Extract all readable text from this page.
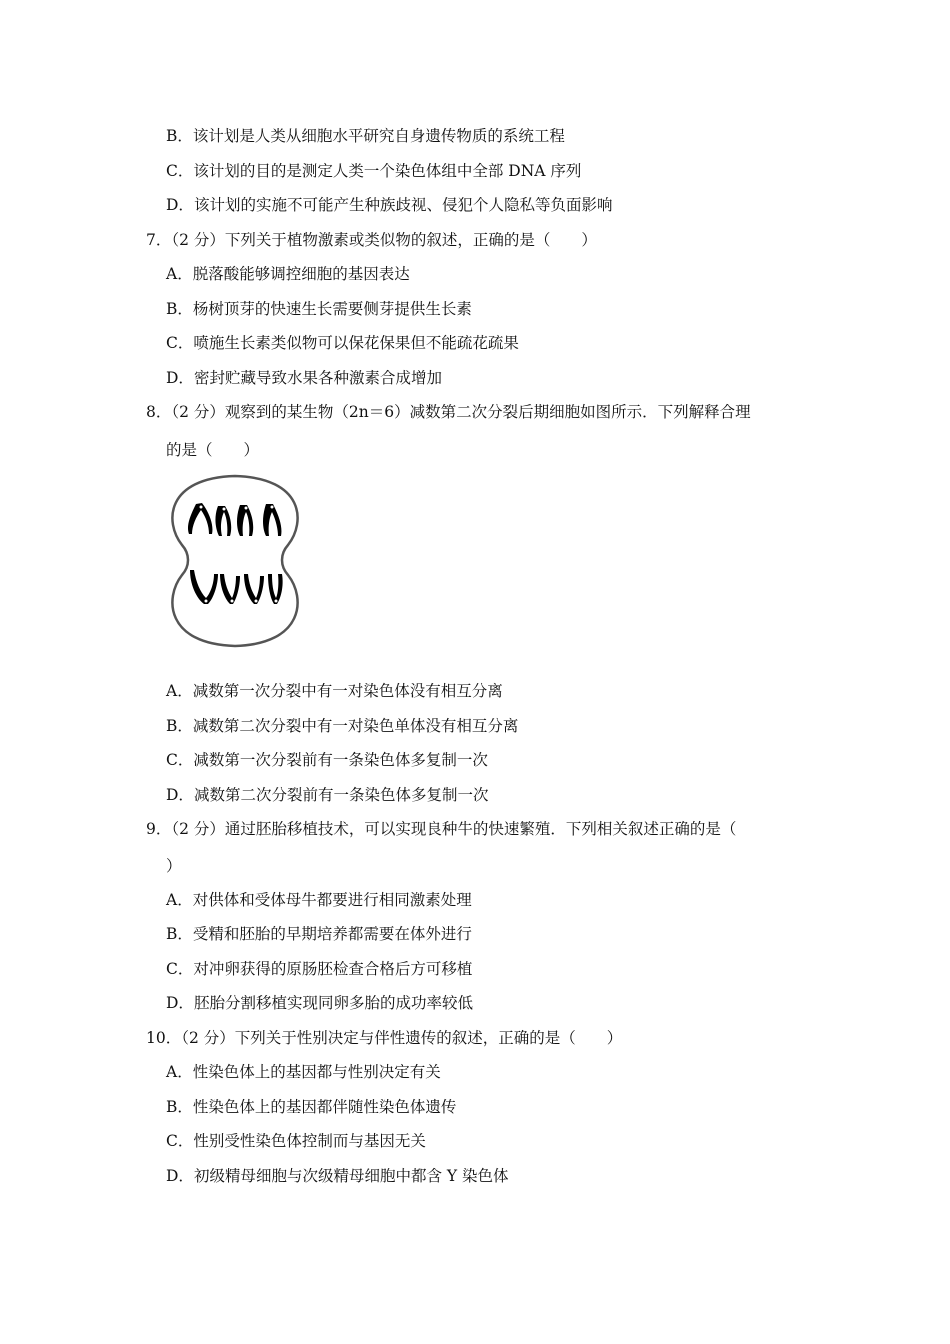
B．该计划是人类从细胞水平研究自身遗传物质的系统工程
C．该计划的目的是测定人类一个染色体组中全部 DNA 序列
D．该计划的实施不可能产生种族歧视、侵犯个人隐私等负面影响
7．（2 分）下列关于植物激素或类似物的叙述，正确的是（　　）
A．脱落酸能够调控细胞的基因表达
B．杨树顶芽的快速生长需要侧芽提供生长素
C．喷施生长素类似物可以保花保果但不能疏花疏果
D．密封贮藏导致水果各种激素合成增加
8．（2 分）观察到的某生物（2n＝6）减数第二次分裂后期细胞如图所示．下列解释合理
的是（　　）
A．减数第一次分裂中有一对染色体没有相互分离
B．减数第二次分裂中有一对染色单体没有相互分离
C．减数第一次分裂前有一条染色体多复制一次
D．减数第二次分裂前有一条染色体多复制一次
9．（2 分）通过胚胎移植技术，可以实现良种牛的快速繁殖．下列相关叙述正确的是（
）
A．对供体和受体母牛都要进行相同激素处理
B．受精和胚胎的早期培养都需要在体外进行
C．对冲卵获得的原肠胚检查合格后方可移植
D．胚胎分割移植实现同卵多胎的成功率较低
10．（2 分）下列关于性别决定与伴性遗传的叙述，正确的是（　　）
A．性染色体上的基因都与性别决定有关
B．性染色体上的基因都伴随性染色体遗传
C．性别受性染色体控制而与基因无关
D．初级精母细胞与次级精母细胞中都含 Y 染色体
